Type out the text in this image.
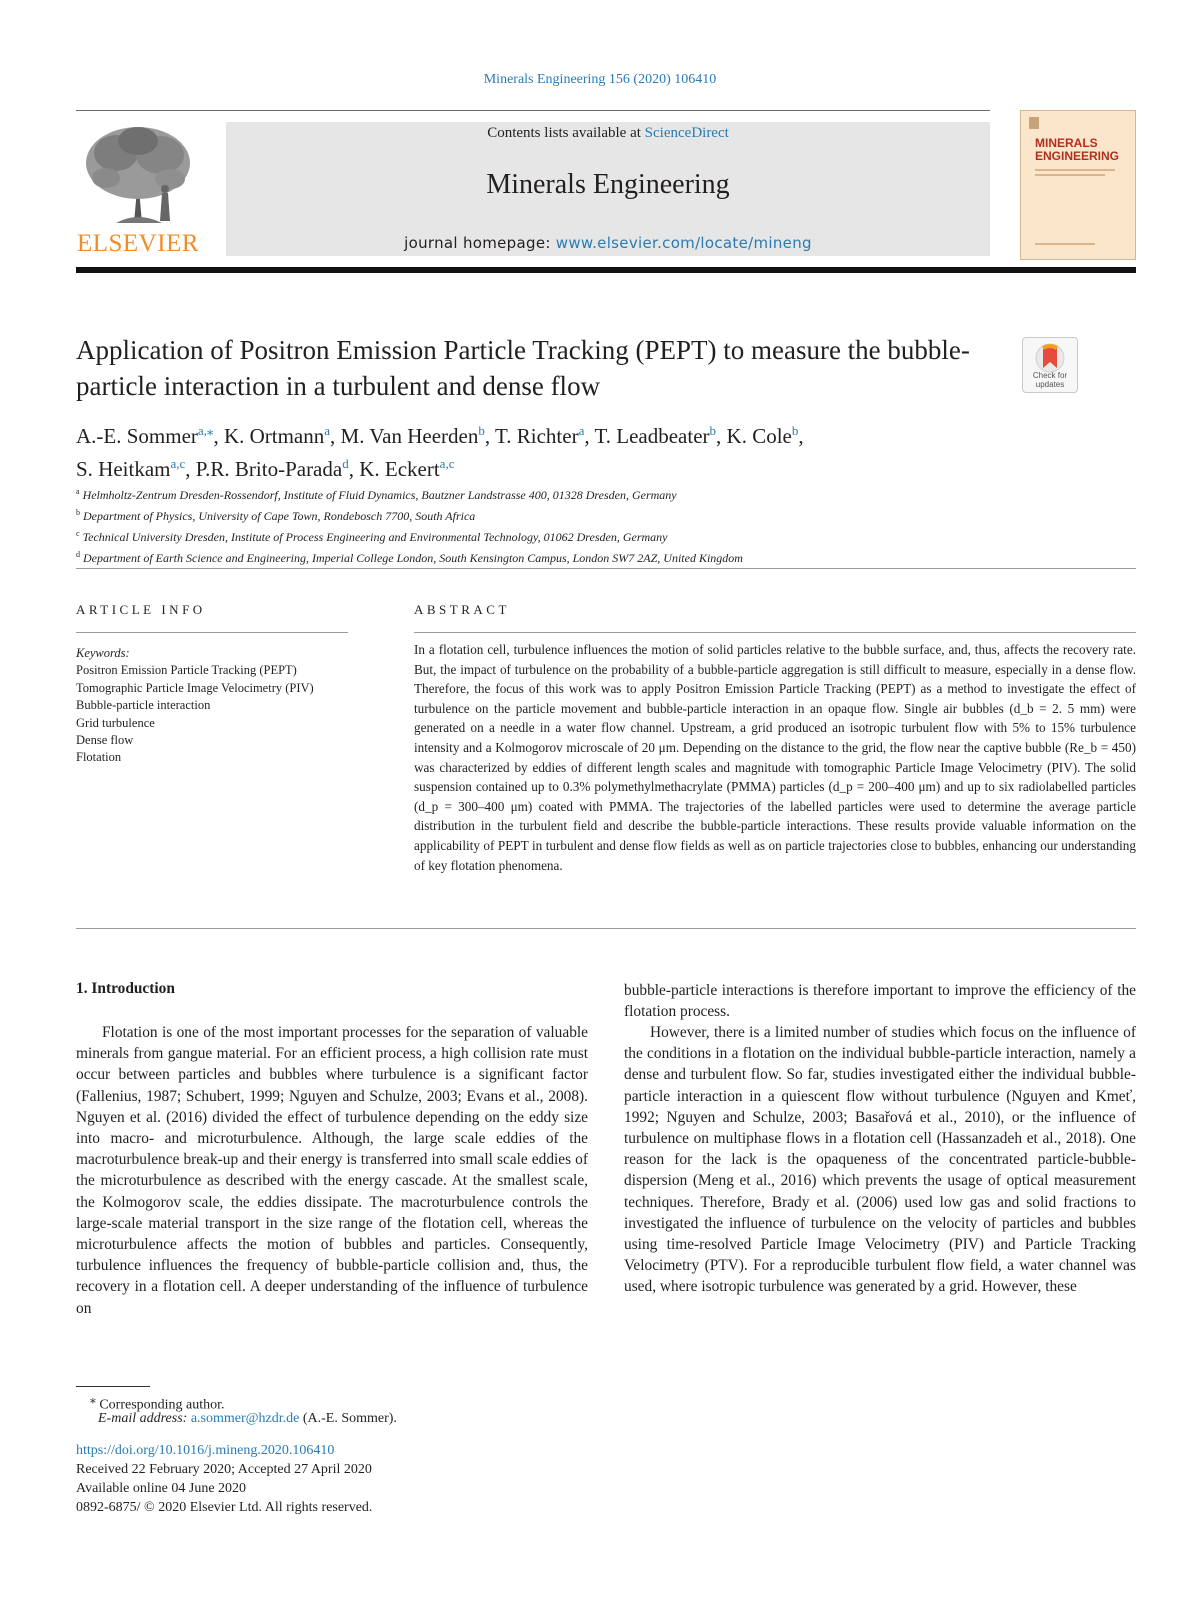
Minerals Engineering 156 (2020) 106410
ELSEVIER
Contents lists available at ScienceDirect
Minerals Engineering
journal homepage: www.elsevier.com/locate/mineng
MINERALS
ENGINEERING
Application of Positron Emission Particle Tracking (PEPT) to measure the bubble-particle interaction in a turbulent and dense flow	Check for updates
A.-E. Sommer$^{a,⁎}$, K. Ortmann$^a$, M. Van Heerden$^b$, T. Richter$^a$, T. Leadbeater$^b$, K. Cole$^b$,
S. Heitkam$^{a,c}$, P.R. Brito-Parada$^d$, K. Eckert$^{a,c}$
$^a$ Helmholtz-Zentrum Dresden-Rossendorf, Institute of Fluid Dynamics, Bautzner Landstrasse 400, 01328 Dresden, Germany
$^b$ Department of Physics, University of Cape Town, Rondebosch 7700, South Africa
$^c$ Technical University Dresden, Institute of Process Engineering and Environmental Technology, 01062 Dresden, Germany
$^d$ Department of Earth Science and Engineering, Imperial College London, South Kensington Campus, London SW7 2AZ, United Kingdom
ARTICLE INFO
Keywords:
Positron Emission Particle Tracking (PEPT)
Tomographic Particle Image Velocimetry (PIV)
Bubble-particle interaction
Grid turbulence
Dense flow
Flotation
ABSTRACT
In a flotation cell, turbulence influences the motion of solid particles relative to the bubble surface, and, thus, affects the recovery rate. But, the impact of turbulence on the probability of a bubble-particle aggregation is still difficult to measure, especially in a dense flow. Therefore, the focus of this work was to apply Positron Emission Particle Tracking (PEPT) as a method to investigate the effect of turbulence on the particle movement and bubble-particle interaction in an opaque flow. Single air bubbles (d_b = 2. 5 mm) were generated on a needle in a water flow channel. Upstream, a grid produced an isotropic turbulent flow with 5% to 15% turbulence intensity and a Kolmogorov microscale of 20 μm. Depending on the distance to the grid, the flow near the captive bubble (Re_b = 450) was characterized by eddies of different length scales and magnitude with tomographic Particle Image Velocimetry (PIV). The solid suspension contained up to 0.3% polymethylmethacrylate (PMMA) particles (d_p = 200–400 μm) and up to six radiolabelled particles (d_p = 300–400 μm) coated with PMMA. The trajectories of the labelled particles were used to determine the average particle distribution in the turbulent field and describe the bubble-particle interactions. These results provide valuable information on the applicability of PEPT in turbulent and dense flow fields as well as on particle trajectories close to bubbles, enhancing our understanding of key flotation phenomena.
1. Introduction
Flotation is one of the most important processes for the separation of valuable minerals from gangue material. For an efficient process, a high collision rate must occur between particles and bubbles where turbulence is a significant factor (Fallenius, 1987; Schubert, 1999; Nguyen and Schulze, 2003; Evans et al., 2008). Nguyen et al. (2016) divided the effect of turbulence depending on the eddy size into macro- and microturbulence. Although, the large scale eddies of the macroturbulence break-up and their energy is transferred into small scale eddies of the microturbulence as described with the energy cascade. At the smallest scale, the Kolmogorov scale, the eddies dissipate. The macroturbulence controls the large-scale material transport in the size range of the flotation cell, whereas the microturbulence affects the motion of bubbles and particles. Consequently, turbulence influences the frequency of bubble-particle collision and, thus, the recovery in a flotation cell. A deeper understanding of the influence of turbulence on
bubble-particle interactions is therefore important to improve the efficiency of the flotation process.
However, there is a limited number of studies which focus on the influence of the conditions in a flotation on the individual bubble-particle interaction, namely a dense and turbulent flow. So far, studies investigated either the individual bubble-particle interaction in a quiescent flow without turbulence (Nguyen and Kmeť, 1992; Nguyen and Schulze, 2003; Basařová et al., 2010), or the influence of turbulence on multiphase flows in a flotation cell (Hassanzadeh et al., 2018). One reason for the lack is the opaqueness of the concentrated particle-bubble-dispersion (Meng et al., 2016) which prevents the usage of optical measurement techniques. Therefore, Brady et al. (2006) used low gas and solid fractions to investigated the influence of turbulence on the velocity of particles and bubbles using time-resolved Particle Image Velocimetry (PIV) and Particle Tracking Velocimetry (PTV). For a reproducible turbulent flow field, a water channel was used, where isotropic turbulence was generated by a grid. However, these
⁎ Corresponding author.
E-mail address: a.sommer@hzdr.de (A.-E. Sommer).
https://doi.org/10.1016/j.mineng.2020.106410
Received 22 February 2020; Accepted 27 April 2020
Available online 04 June 2020
0892-6875/ © 2020 Elsevier Ltd. All rights reserved.
